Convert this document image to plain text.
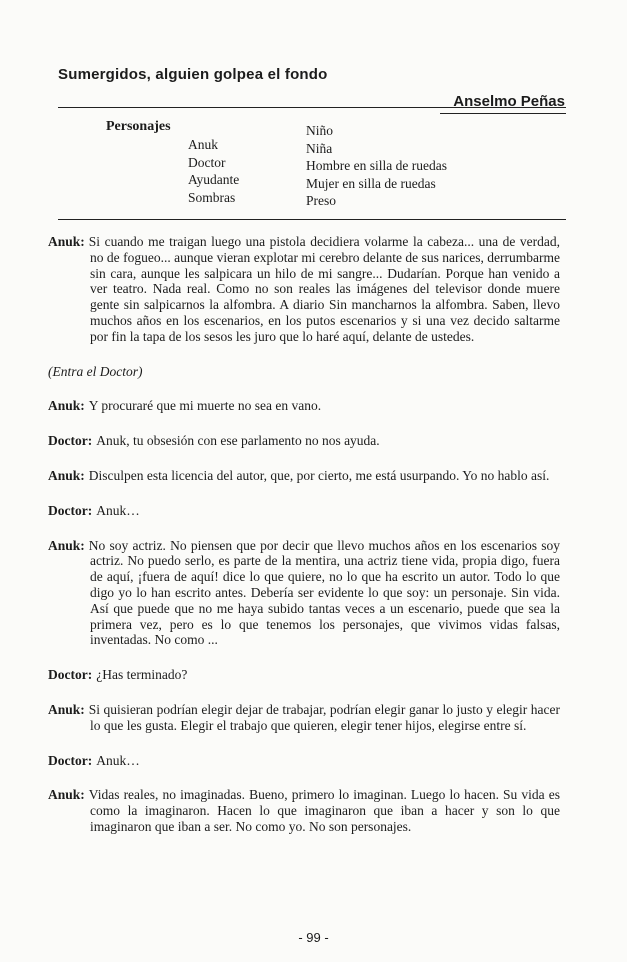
Sumergidos, alguien golpea el fondo
Anselmo Peñas
Personajes
Anuk
Doctor
Ayudante
Sombras
Niño
Niña
Hombre en silla de ruedas
Mujer en silla de ruedas
Preso

Anuk: Si cuando me traigan luego una pistola decidiera volarme la cabeza... una de verdad, no de fogueo... aunque vieran explotar mi cerebro delante de sus narices, derrumbarme sin cara, aunque les salpicara un hilo de mi sangre... Dudarían. Porque han venido a ver teatro. Nada real. Como no son reales las imágenes del televisor donde muere gente sin salpicarnos la alfombra. A diario Sin mancharnos la alfombra. Saben, llevo muchos años en los escenarios, en los putos escenarios y si una vez decido saltarme por fin la tapa de los sesos les juro que lo haré aquí, delante de ustedes.

(Entra el Doctor)

Anuk: Y procuraré que mi muerte no sea en vano.

Doctor: Anuk, tu obsesión con ese parlamento no nos ayuda.

Anuk: Disculpen esta licencia del autor, que, por cierto, me está usurpando. Yo no hablo así.

Doctor: Anuk…

Anuk: No soy actriz. No piensen que por decir que llevo muchos años en los escenarios soy actriz. No puedo serlo, es parte de la mentira, una actriz tiene vida, propia digo, fuera de aquí, ¡fuera de aquí! dice lo que quiere, no lo que ha escrito un autor. Todo lo que digo yo lo han escrito antes. Debería ser evidente lo que soy: un personaje. Sin vida. Así que puede que no me haya subido tantas veces a un escenario, puede que sea la primera vez, pero es lo que tenemos los personajes, que vivimos vidas falsas, inventadas. No como ...

Doctor: ¿Has terminado?

Anuk: Si quisieran podrían elegir dejar de trabajar, podrían elegir ganar lo justo y elegir hacer lo que les gusta. Elegir el trabajo que quieren, elegir tener hijos, elegirse entre sí.

Doctor: Anuk…

Anuk: Vidas reales, no imaginadas. Bueno, primero lo imaginan. Luego lo hacen. Su vida es como la imaginaron. Hacen lo que imaginaron que iban a hacer y son lo que imaginaron que iban a ser. No como yo. No son personajes.

- 99 -
